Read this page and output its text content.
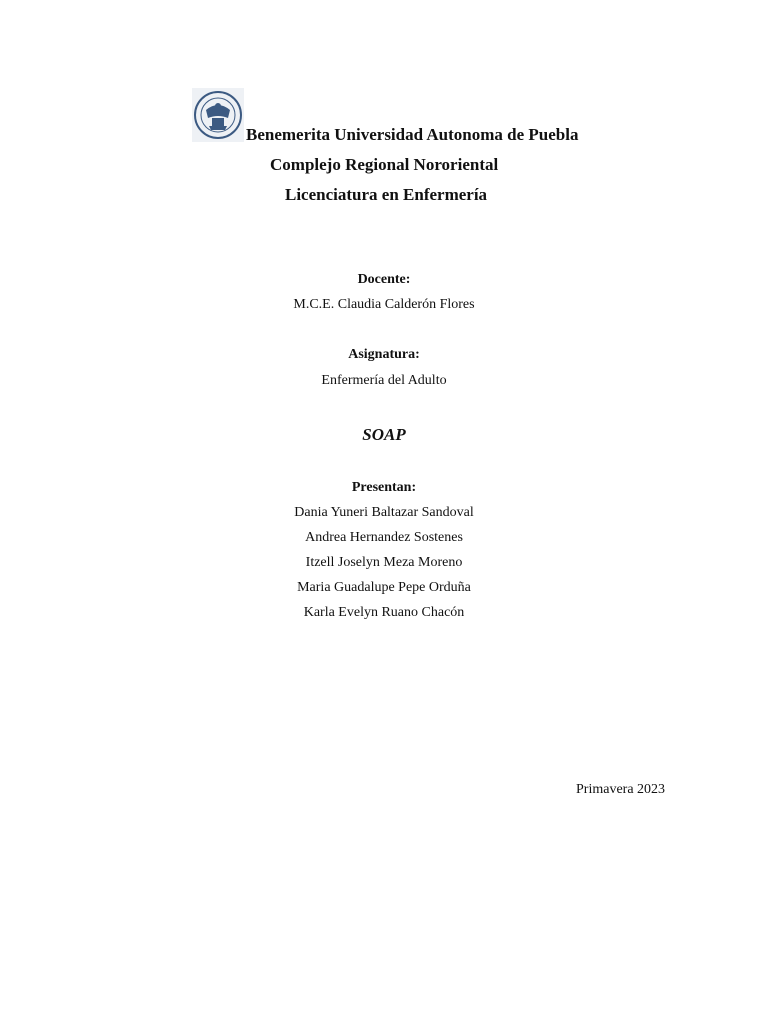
Benemerita Universidad Autonoma de Puebla
Complejo Regional Nororiental
Licenciatura en Enfermería
Docente:
M.C.E. Claudia Calderón Flores
Asignatura:
Enfermería del Adulto
SOAP
Presentan:
Dania Yuneri Baltazar Sandoval
Andrea Hernandez Sostenes
Itzell Joselyn Meza Moreno
Maria Guadalupe Pepe Orduña
Karla Evelyn Ruano Chacón
Primavera 2023
